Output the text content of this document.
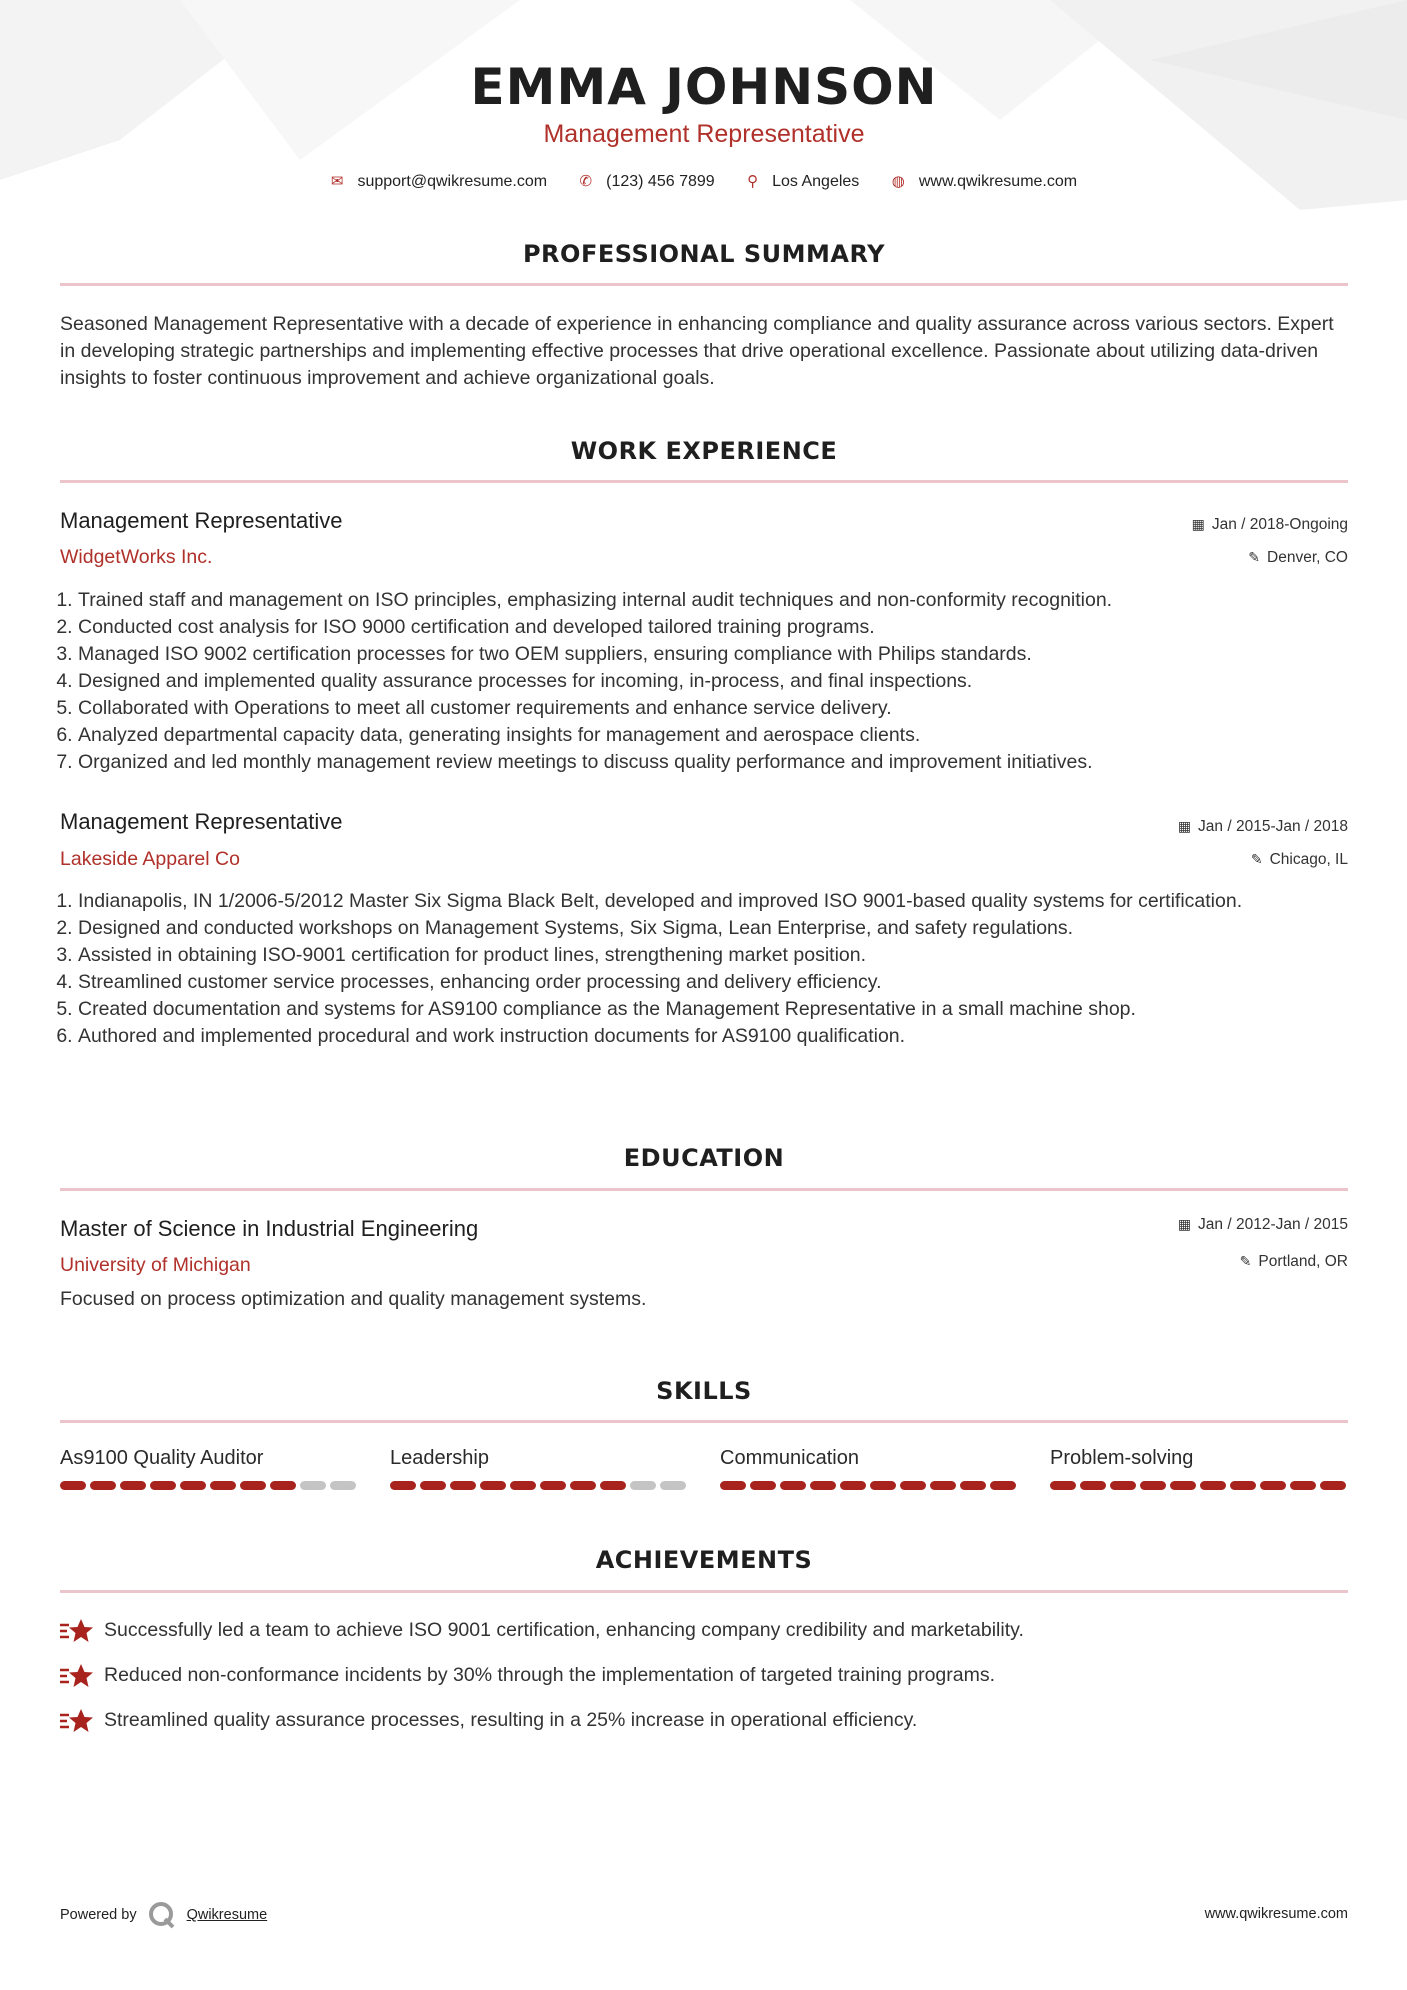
EMMA JOHNSON
Management Representative
✉ support@qwikresume.com ✆ (123) 456 7899 ⚲ Los Angeles ◍ www.qwikresume.com
PROFESSIONAL SUMMARY
Seasoned Management Representative with a decade of experience in enhancing compliance and quality assurance across various sectors. Expert in developing strategic partnerships and implementing effective processes that drive operational excellence. Passionate about utilizing data-driven insights to foster continuous improvement and achieve organizational goals.
WORK EXPERIENCE
Management Representative	▦ Jan / 2018-Ongoing
WidgetWorks Inc.	✎ Denver, CO
1. Trained staff and management on ISO principles, emphasizing internal audit techniques and non-conformity recognition.
2. Conducted cost analysis for ISO 9000 certification and developed tailored training programs.
3. Managed ISO 9002 certification processes for two OEM suppliers, ensuring compliance with Philips standards.
4. Designed and implemented quality assurance processes for incoming, in-process, and final inspections.
5. Collaborated with Operations to meet all customer requirements and enhance service delivery.
6. Analyzed departmental capacity data, generating insights for management and aerospace clients.
7. Organized and led monthly management review meetings to discuss quality performance and improvement initiatives.
Management Representative	▦ Jan / 2015-Jan / 2018
Lakeside Apparel Co	✎ Chicago, IL
1. Indianapolis, IN 1/2006-5/2012 Master Six Sigma Black Belt, developed and improved ISO 9001-based quality systems for certification.
2. Designed and conducted workshops on Management Systems, Six Sigma, Lean Enterprise, and safety regulations.
3. Assisted in obtaining ISO-9001 certification for product lines, strengthening market position.
4. Streamlined customer service processes, enhancing order processing and delivery efficiency.
5. Created documentation and systems for AS9100 compliance as the Management Representative in a small machine shop.
6. Authored and implemented procedural and work instruction documents for AS9100 qualification.
EDUCATION
Master of Science in Industrial Engineering	▦ Jan / 2012-Jan / 2015
University of Michigan	✎ Portland, OR
Focused on process optimization and quality management systems.
SKILLS
As9100 Quality Auditor	Leadership	Communication	Problem-solving
ACHIEVEMENTS
Successfully led a team to achieve ISO 9001 certification, enhancing company credibility and marketability.
Reduced non-conformance incidents by 30% through the implementation of targeted training programs.
Streamlined quality assurance processes, resulting in a 25% increase in operational efficiency.
Powered by	Qwikresume	www.qwikresume.com
